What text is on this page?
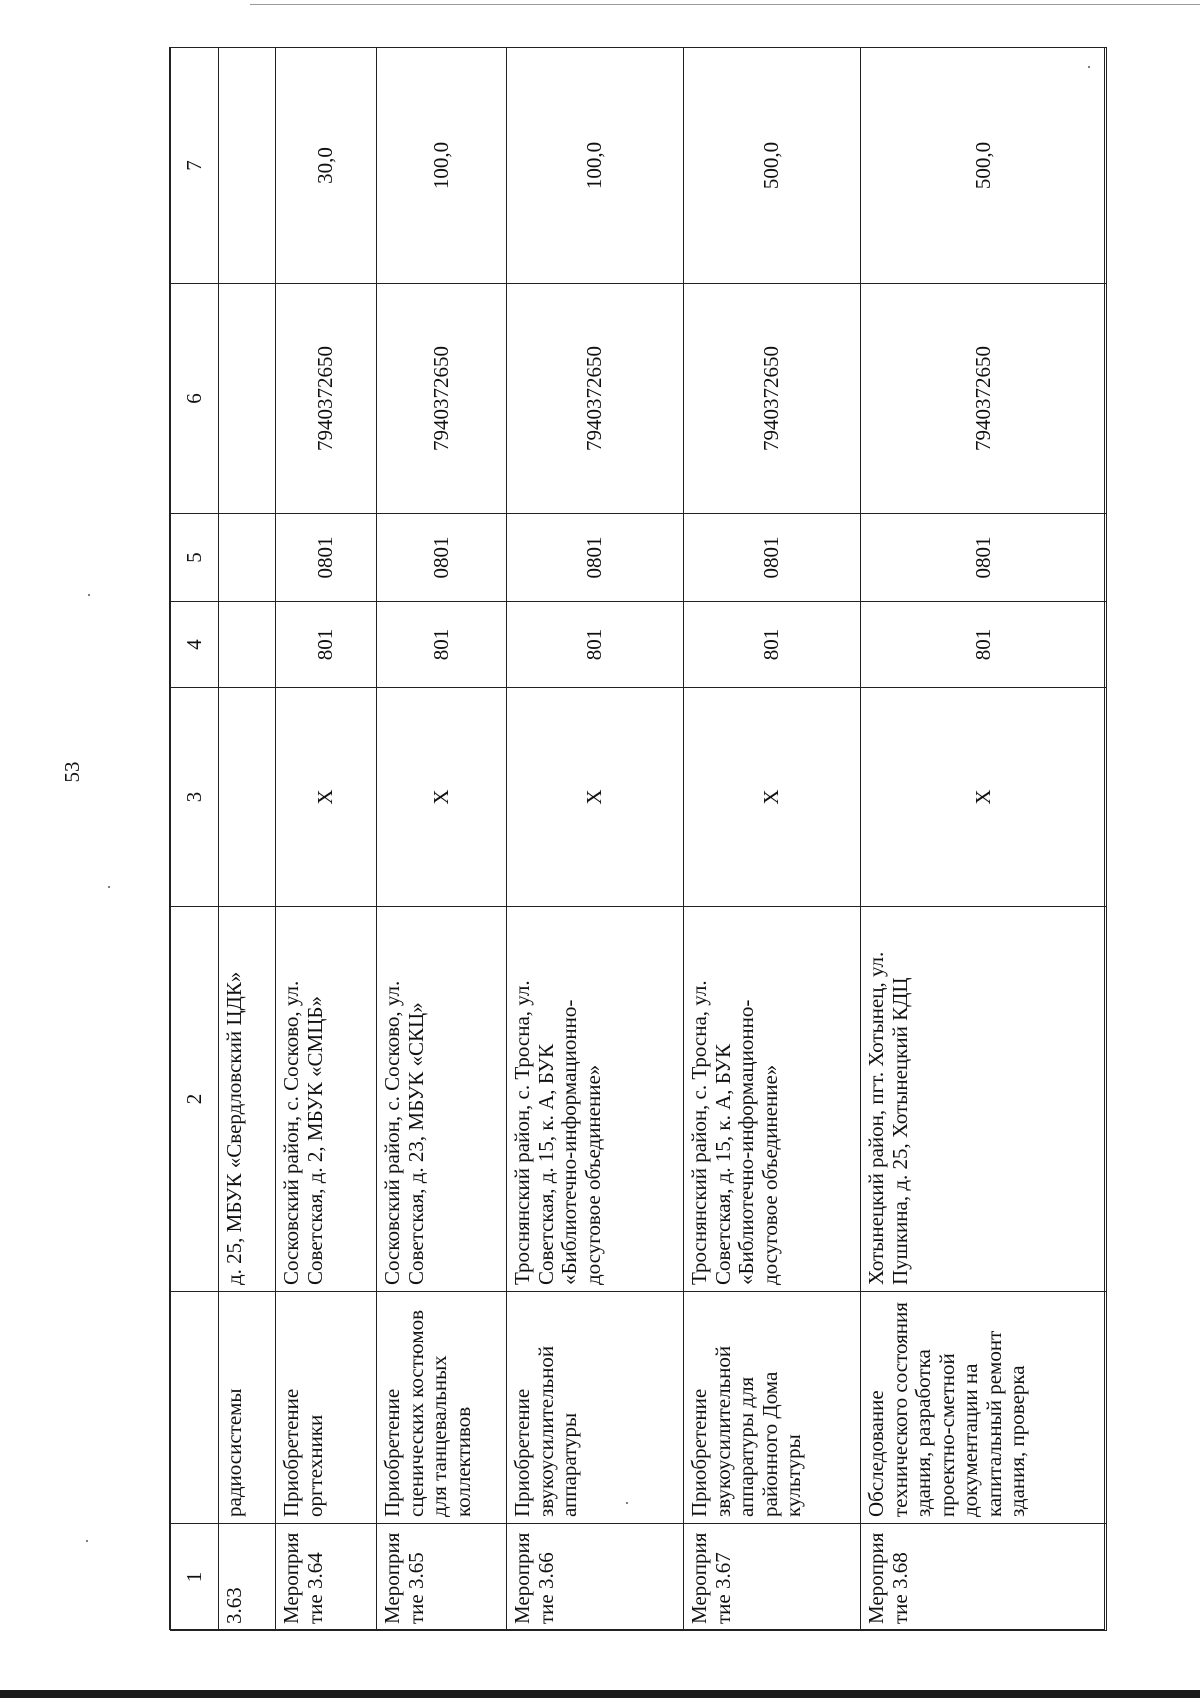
53
1		2	3	4	5	6	7
3.63	радиосистемы	д. 25, МБУК «Свердловский ЦДК»					
Мероприятие 3.64	Приобретение оргтехники	Сосковский район, с. Сосково, ул. Советская, д. 2, МБУК «СМЦБ»	X	801	0801	7940372650	30,0
Мероприятие 3.65	Приобретение сценических костюмов для танцевальных коллективов	Сосковский район, с. Сосково, ул. Советская, д. 23, МБУК «СКЦ»	X	801	0801	7940372650	100,0
Мероприятие 3.66	Приобретение звукоусилительной аппаратуры	Троснянский район, с. Тросна, ул. Советская, д. 15, к. А, БУК «Библиотечно-информационно-досуговое объединение»	X	801	0801	7940372650	100,0
Мероприятие 3.67	Приобретение звукоусилительной аппаратуры для районного Дома культуры	Троснянский район, с. Тросна, ул. Советская, д. 15, к. А, БУК «Библиотечно-информационно-досуговое объединение»	X	801	0801	7940372650	500,0
Мероприятие 3.68	Обследование технического состояния здания, разработка проектно-сметной документации на капитальный ремонт здания, проверка	Хотынецкий район, пгт. Хотынец, ул. Пушкина, д. 25, Хотынецкий КДЦ	X	801	0801	7940372650	500,0
